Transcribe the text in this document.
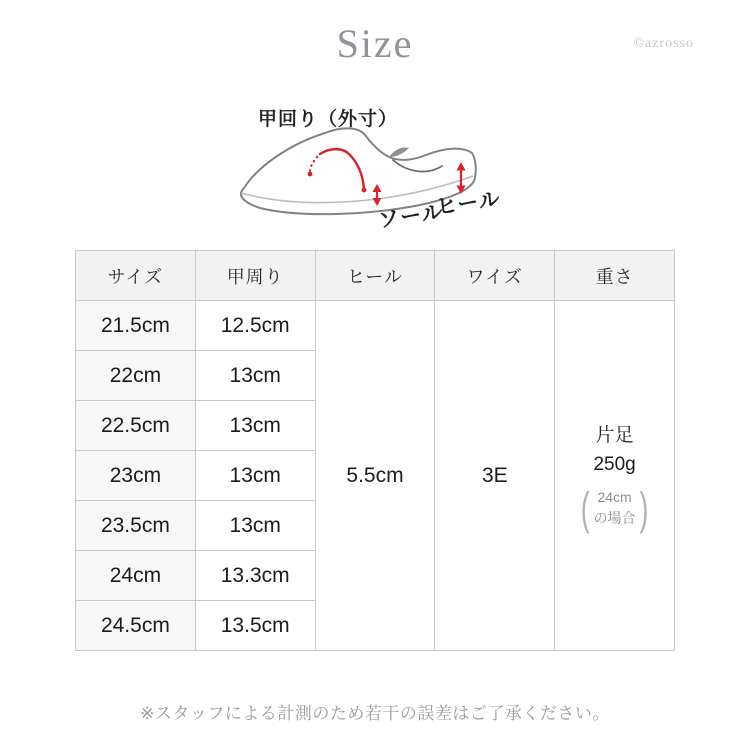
Size	©azrosso
甲回り（外寸）
ソール
ヒール
サイズ	甲周り	ヒール	ワイズ	重さ
21.5cm	12.5cm	5.5cm	3E	
片足
250g
( 24cm
の場合 )

22cm	13cm			
22.5cm	13cm			
23cm	13cm			
23.5cm	13cm			
24cm	13.3cm			
24.5cm	13.5cm			
※スタッフによる計測のため若干の誤差はご了承ください。
